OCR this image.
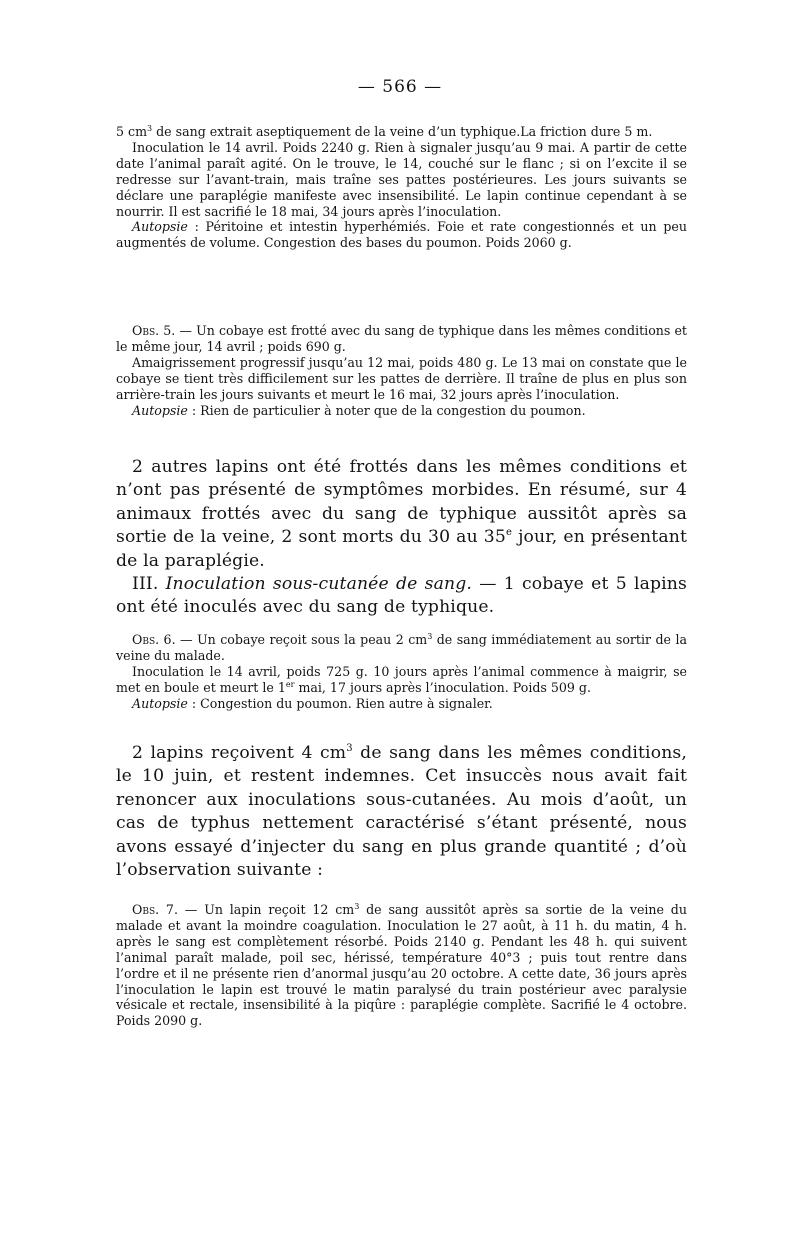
— 566 —

5 $cm^3$ de sang extrait aseptiquement de la veine d’un typhique.La friction dure 5 m.

Inoculation le 14 avril. Poids 2240 g. Rien à signaler jusqu’au 9 mai. A partir de cette date l’animal paraît agité. On le trouve, le 14, couché sur le flanc ; si on l’excite il se redresse sur l’avant-train, mais traîne ses pattes postérieures. Les jours suivants se déclare une paraplégie manifeste avec insensibilité. Le lapin continue cependant à se nourrir. Il est sacrifié le 18 mai, 34 jours après l’inoculation.

Autopsie : Péritoine et intestin hyperhémiés. Foie et rate congestionnés et un peu augmentés de volume. Congestion des bases du poumon. Poids 2060 g.

Obs. 5. — Un cobaye est frotté avec du sang de typhique dans les mêmes conditions et le même jour, 14 avril ; poids 690 g.

Amaigrissement progressif jusqu’au 12 mai, poids 480 g. Le 13 mai on constate que le cobaye se tient très difficilement sur les pattes de derrière. Il traîne de plus en plus son arrière-train les jours suivants et meurt le 16 mai, 32 jours après l’inoculation.

Autopsie : Rien de particulier à noter que de la congestion du poumon.

2 autres lapins ont été frottés dans les mêmes conditions et n’ont pas présenté de symptômes morbides. En résumé, sur 4 animaux frottés avec du sang de typhique aussitôt après sa sortie de la veine, 2 sont morts du 30 au 35e jour, en présentant de la paraplégie.

III. Inoculation sous-cutanée de sang. — 1 cobaye et 5 lapins ont été inoculés avec du sang de typhique.

Obs. 6. — Un cobaye reçoit sous la peau 2 $cm^3$ de sang immédiatement au sortir de la veine du malade.

Inoculation le 14 avril, poids 725 g. 10 jours après l’animal commence à maigrir, se met en boule et meurt le 1er mai, 17 jours après l’inoculation. Poids 509 g.

Autopsie : Congestion du poumon. Rien autre à signaler.

2 lapins reçoivent 4 $cm^3$ de sang dans les mêmes conditions, le 10 juin, et restent indemnes. Cet insuccès nous avait fait renoncer aux inoculations sous-cutanées. Au mois d’août, un cas de typhus nettement caractérisé s’étant présenté, nous avons essayé d’injecter du sang en plus grande quantité ; d’où l’observation suivante :

Obs. 7. — Un lapin reçoit 12 $cm^3$ de sang aussitôt après sa sortie de la veine du malade et avant la moindre coagulation. Inoculation le 27 août, à 11 h. du matin, 4 h. après le sang est complètement résorbé. Poids 2140 g. Pendant les 48 h. qui suivent l’animal paraît malade, poil sec, hérissé, température 40°3 ; puis tout rentre dans l’ordre et il ne présente rien d’anormal jusqu’au 20 octobre. A cette date, 36 jours après l’inoculation le lapin est trouvé le matin paralysé du train postérieur avec paralysie vésicale et rectale, insensibilité à la piqûre : paraplégie complète. Sacrifié le 4 octobre. Poids 2090 g.
